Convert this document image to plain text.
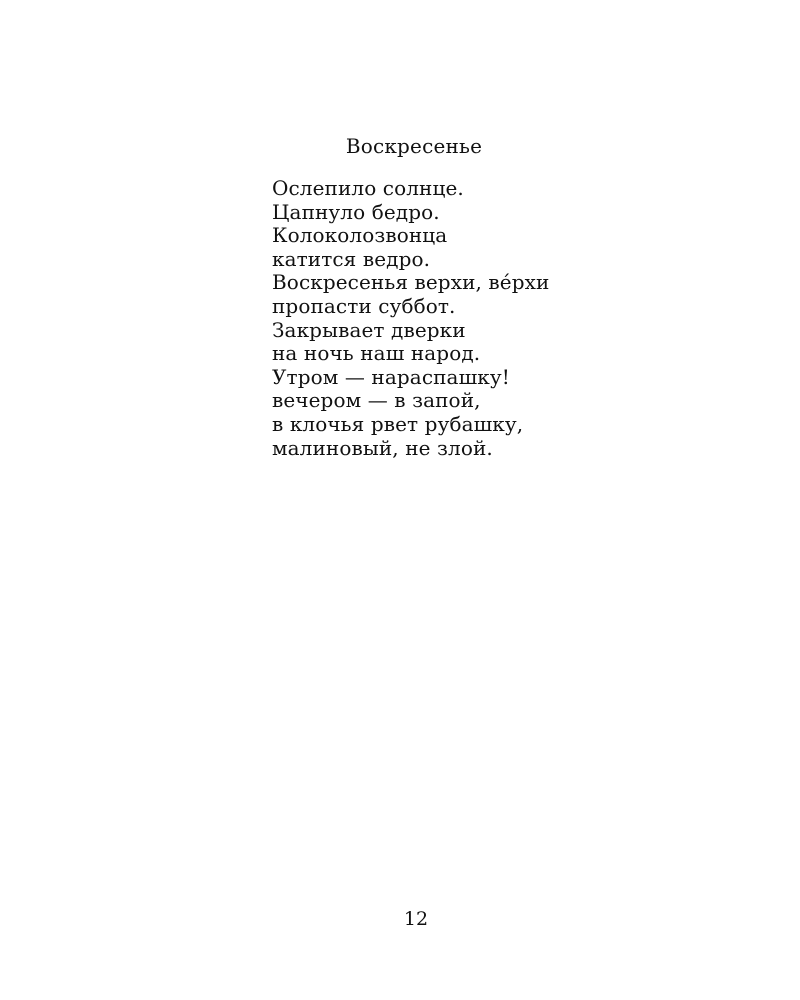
Воскресенье
Ослепило солнце.
Цапнуло бедро.
Колоколозвонца
катится ведро.
Воскресенья верхи, ве́рхи
пропасти суббот.
Закрывает дверки
на ночь наш народ.
Утром — нараспашку!
вечером — в запой,
в клочья рвет рубашку,
малиновый, не злой.
12
